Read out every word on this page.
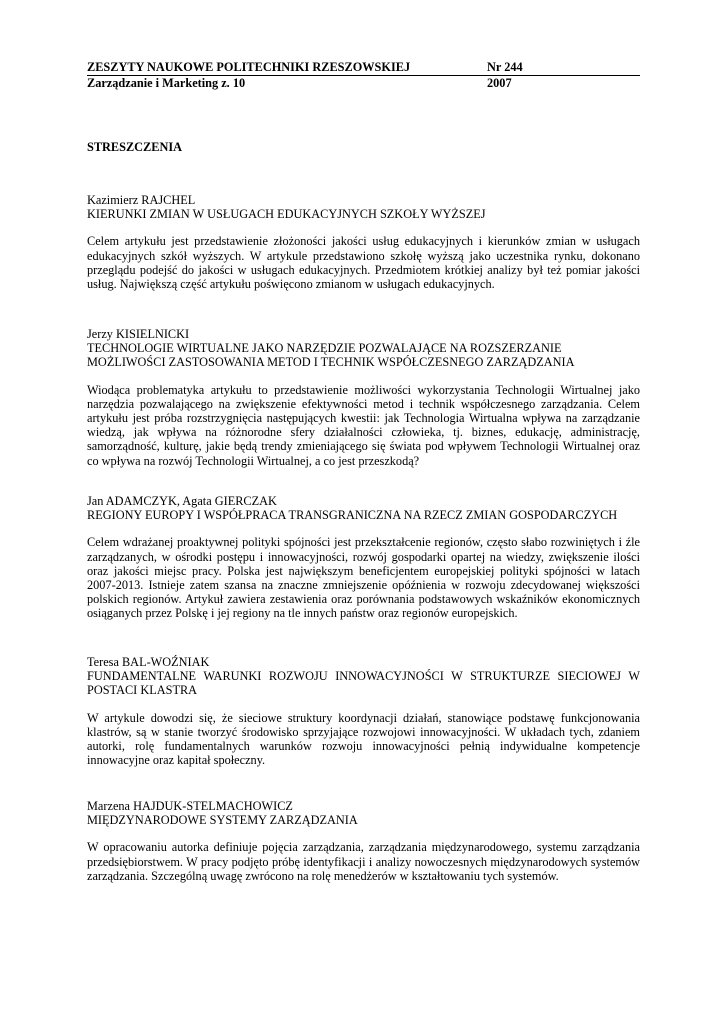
ZESZYTY NAUKOWE POLITECHNIKI RZESZOWSKIEJ	Nr 244
Zarządzanie i Marketing z. 10	2007
STRESZCZENIA
Kazimierz RAJCHEL
KIERUNKI ZMIAN W USŁUGACH EDUKACYJNYCH SZKOŁY WYŻSZEJ
Celem artykułu jest przedstawienie złożoności jakości usług edukacyjnych i kierunków zmian w usługach edukacyjnych szkół wyższych. W artykule przedstawiono szkołę wyższą jako uczestnika rynku, dokonano przeglądu podejść do jakości w usługach edukacyjnych. Przedmiotem krótkiej analizy był też pomiar jakości usług. Największą część artykułu poświęcono zmianom w usługach edukacyjnych.
Jerzy KISIELNICKI
TECHNOLOGIE WIRTUALNE JAKO NARZĘDZIE POZWALAJĄCE NA ROZSZERZANIE
MOŻLIWOŚCI ZASTOSOWANIA METOD I TECHNIK WSPÓŁCZESNEGO ZARZĄDZANIA
Wiodąca problematyka artykułu to przedstawienie możliwości wykorzystania Technologii Wirtualnej jako narzędzia pozwalającego na zwiększenie efektywności metod i technik współczesnego zarządzania. Celem artykułu jest próba rozstrzygnięcia następujących kwestii: jak Technologia Wirtualna wpływa na zarządzanie wiedzą, jak wpływa na różnorodne sfery działalności człowieka, tj. biznes, edukację, administrację, samorządność, kulturę, jakie będą trendy zmieniającego się świata pod wpływem Technologii Wirtualnej oraz co wpływa na rozwój Technologii Wirtualnej, a co jest przeszkodą?
Jan ADAMCZYK, Agata GIERCZAK
REGIONY EUROPY I WSPÓŁPRACA TRANSGRANICZNA NA RZECZ ZMIAN GOSPODARCZYCH
Celem wdrażanej proaktywnej polityki spójności jest przekształcenie regionów, często słabo rozwiniętych i źle zarządzanych, w ośrodki postępu i innowacyjności, rozwój gospodarki opartej na wiedzy, zwiększenie ilości oraz jakości miejsc pracy. Polska jest największym beneficjentem europejskiej polityki spójności w latach 2007-2013. Istnieje zatem szansa na znaczne zmniejszenie opóźnienia w rozwoju zdecydowanej większości polskich regionów. Artykuł zawiera zestawienia oraz porównania podstawowych wskaźników ekonomicznych osiąganych przez Polskę i jej regiony na tle innych państw oraz regionów europejskich.
Teresa BAL-WOŹNIAK
FUNDAMENTALNE WARUNKI ROZWOJU INNOWACYJNOŚCI W STRUKTURZE SIECIOWEJ W POSTACI KLASTRA
W artykule dowodzi się, że sieciowe struktury koordynacji działań, stanowiące podstawę funkcjonowania klastrów, są w stanie tworzyć środowisko sprzyjające rozwojowi innowacyjności. W układach tych, zdaniem autorki, rolę fundamentalnych warunków rozwoju innowacyjności pełnią indywidualne kompetencje innowacyjne oraz kapitał społeczny.
Marzena HAJDUK-STELMACHOWICZ
MIĘDZYNARODOWE SYSTEMY ZARZĄDZANIA
W opracowaniu autorka definiuje pojęcia zarządzania, zarządzania międzynarodowego, systemu zarządzania przedsiębiorstwem. W pracy podjęto próbę identyfikacji i analizy nowoczesnych międzynarodowych systemów zarządzania. Szczególną uwagę zwrócono na rolę menedżerów w kształtowaniu tych systemów.
